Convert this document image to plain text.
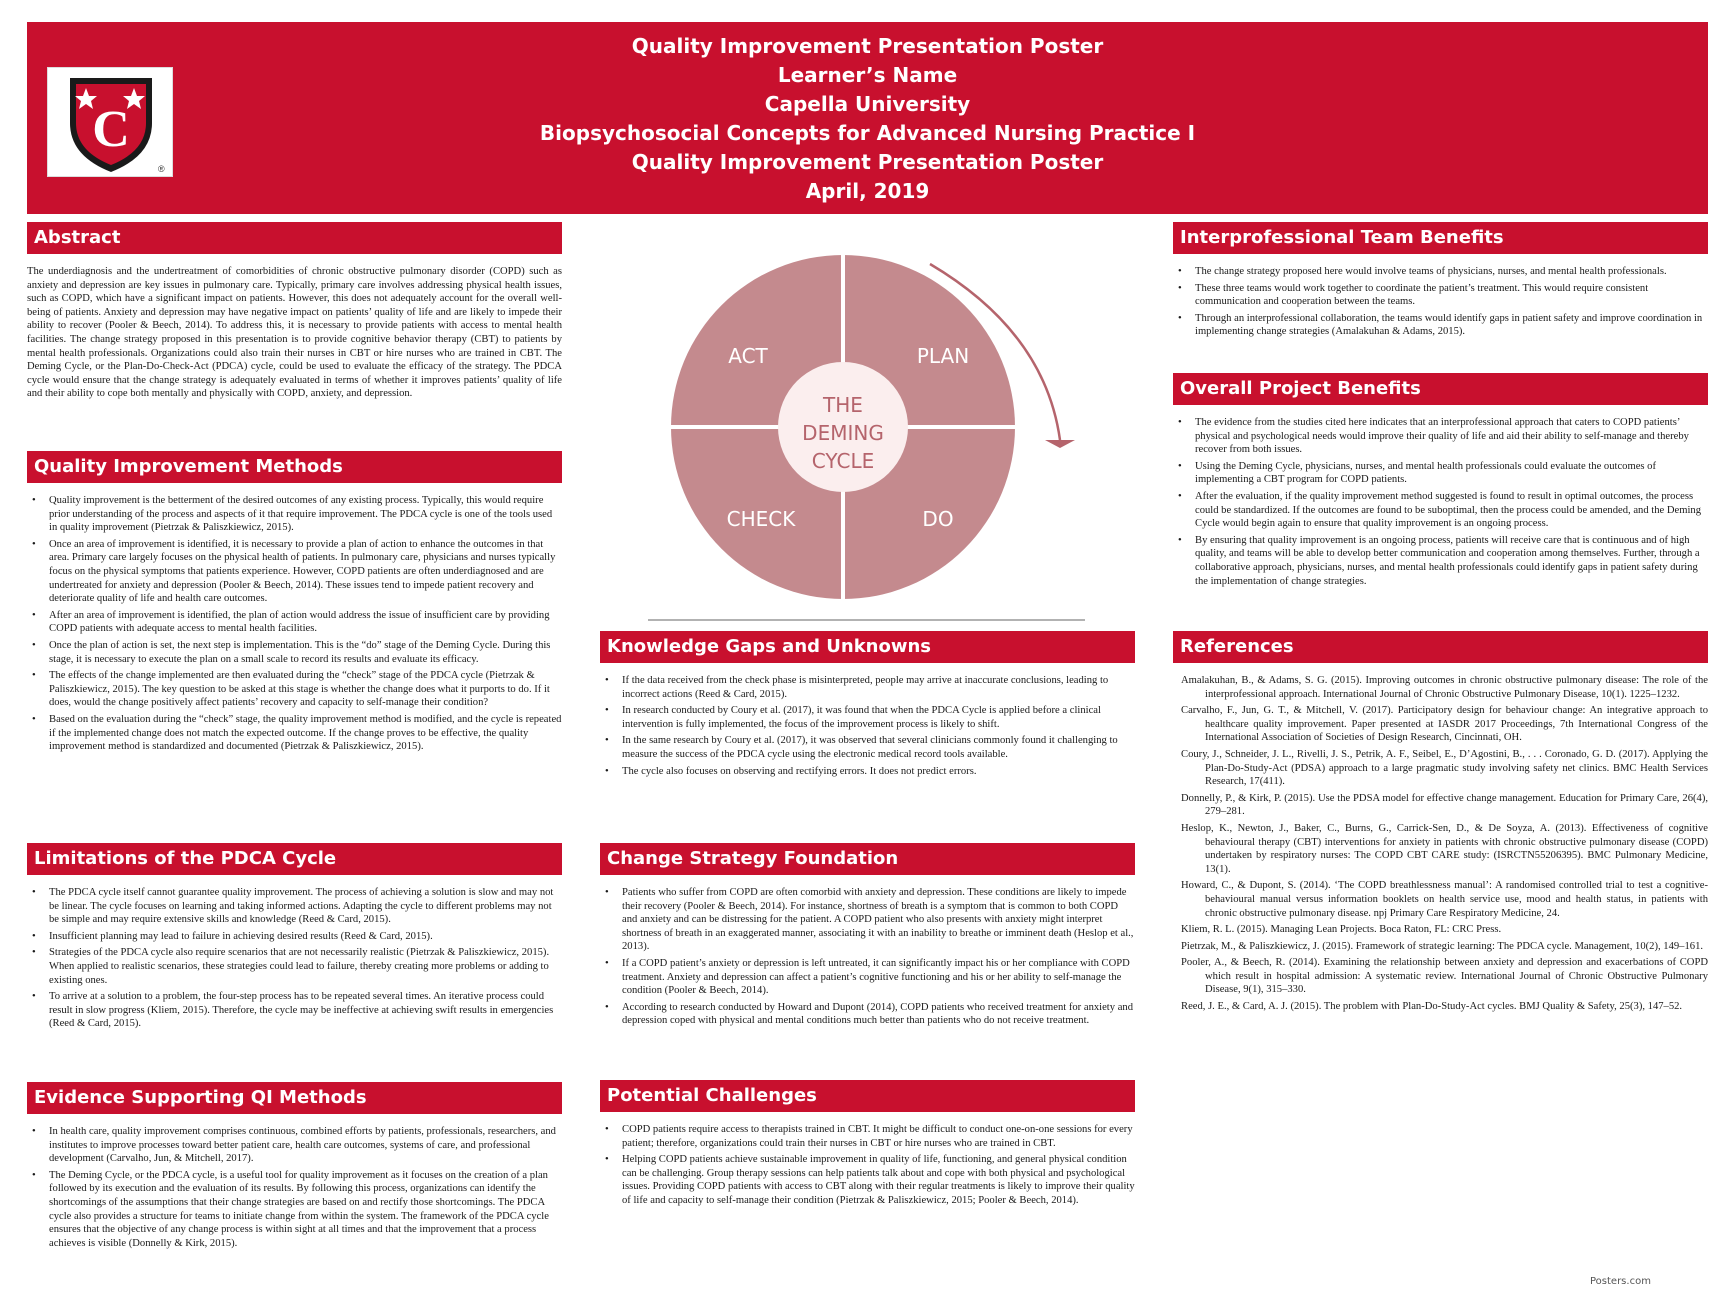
C
®
Quality Improvement Presentation Poster
Learner’s Name
Capella University
Biopsychosocial Concepts for Advanced Nursing Practice I
Quality Improvement Presentation Poster
April, 2019
Abstract

The underdiagnosis and the undertreatment of comorbidities of chronic obstructive pulmonary disorder (COPD) such as anxiety and depression are key issues in pulmonary care. Typically, primary care involves addressing physical health issues, such as COPD, which have a significant impact on patients. However, this does not adequately account for the overall well-being of patients. Anxiety and depression may have negative impact on patients’ quality of life and are likely to impede their ability to recover (Pooler & Beech, 2014). To address this, it is necessary to provide patients with access to mental health facilities. The change strategy proposed in this presentation is to provide cognitive behavior therapy (CBT) to patients by mental health professionals. Organizations could also train their nurses in CBT or hire nurses who are trained in CBT. The Deming Cycle, or the Plan-Do-Check-Act (PDCA) cycle, could be used to evaluate the efficacy of the strategy. The PDCA cycle would ensure that the change strategy is adequately evaluated in terms of whether it improves patients’ quality of life and their ability to cope both mentally and physically with COPD, anxiety, and depression.

Quality Improvement Methods
• Quality improvement is the betterment of the desired outcomes of any existing process. Typically, this would require prior understanding of the process and aspects of it that require improvement. The PDCA cycle is one of the tools used in quality improvement (Pietrzak & Paliszkiewicz, 2015).
• Once an area of improvement is identified, it is necessary to provide a plan of action to enhance the outcomes in that area. Primary care largely focuses on the physical health of patients. In pulmonary care, physicians and nurses typically focus on the physical symptoms that patients experience. However, COPD patients are often underdiagnosed and are undertreated for anxiety and depression (Pooler & Beech, 2014). These issues tend to impede patient recovery and deteriorate quality of life and health care outcomes.
• After an area of improvement is identified, the plan of action would address the issue of insufficient care by providing COPD patients with adequate access to mental health facilities.
• Once the plan of action is set, the next step is implementation. This is the “do” stage of the Deming Cycle. During this stage, it is necessary to execute the plan on a small scale to record its results and evaluate its efficacy.
• The effects of the change implemented are then evaluated during the “check” stage of the PDCA cycle (Pietrzak & Paliszkiewicz, 2015). The key question to be asked at this stage is whether the change does what it purports to do. If it does, would the change positively affect patients’ recovery and capacity to self-manage their condition?
• Based on the evaluation during the “check” stage, the quality improvement method is modified, and the cycle is repeated if the implemented change does not match the expected outcome. If the change proves to be effective, the quality improvement method is standardized and documented (Pietrzak & Paliszkiewicz, 2015).
Limitations of the PDCA Cycle
• The PDCA cycle itself cannot guarantee quality improvement. The process of achieving a solution is slow and may not be linear. The cycle focuses on learning and taking informed actions. Adapting the cycle to different problems may not be simple and may require extensive skills and knowledge (Reed & Card, 2015).
• Insufficient planning may lead to failure in achieving desired results (Reed & Card, 2015).
• Strategies of the PDCA cycle also require scenarios that are not necessarily realistic (Pietrzak & Paliszkiewicz, 2015). When applied to realistic scenarios, these strategies could lead to failure, thereby creating more problems or adding to existing ones.
• To arrive at a solution to a problem, the four-step process has to be repeated several times. An iterative process could result in slow progress (Kliem, 2015). Therefore, the cycle may be ineffective at achieving swift results in emergencies (Reed & Card, 2015).
Evidence Supporting QI Methods
• In health care, quality improvement comprises continuous, combined efforts by patients, professionals, researchers, and institutes to improve processes toward better patient care, health care outcomes, systems of care, and professional development (Carvalho, Jun, & Mitchell, 2017).
• The Deming Cycle, or the PDCA cycle, is a useful tool for quality improvement as it focuses on the creation of a plan followed by its execution and the evaluation of its results. By following this process, organizations can identify the shortcomings of the assumptions that their change strategies are based on and rectify those shortcomings. The PDCA cycle also provides a structure for teams to initiate change from within the system. The framework of the PDCA cycle ensures that the objective of any change process is within sight at all times and that the improvement that a process achieves is visible (Donnelly & Kirk, 2015).
ACT	PLAN
CHECK	DO
THE
DEMING
CYCLE
Knowledge Gaps and Unknowns
• If the data received from the check phase is misinterpreted, people may arrive at inaccurate conclusions, leading to incorrect actions (Reed & Card, 2015).
• In research conducted by Coury et al. (2017), it was found that when the PDCA Cycle is applied before a clinical intervention is fully implemented, the focus of the improvement process is likely to shift.
• In the same research by Coury et al. (2017), it was observed that several clinicians commonly found it challenging to measure the success of the PDCA cycle using the electronic medical record tools available.
• The cycle also focuses on observing and rectifying errors. It does not predict errors.
Change Strategy Foundation
• Patients who suffer from COPD are often comorbid with anxiety and depression. These conditions are likely to impede their recovery (Pooler & Beech, 2014). For instance, shortness of breath is a symptom that is common to both COPD and anxiety and can be distressing for the patient. A COPD patient who also presents with anxiety might interpret shortness of breath in an exaggerated manner, associating it with an inability to breathe or imminent death (Heslop et al., 2013).
• If a COPD patient’s anxiety or depression is left untreated, it can significantly impact his or her compliance with COPD treatment. Anxiety and depression can affect a patient’s cognitive functioning and his or her ability to self-manage the condition (Pooler & Beech, 2014).
• According to research conducted by Howard and Dupont (2014), COPD patients who received treatment for anxiety and depression coped with physical and mental conditions much better than patients who do not receive treatment.
Potential Challenges
• COPD patients require access to therapists trained in CBT. It might be difficult to conduct one-on-one sessions for every patient; therefore, organizations could train their nurses in CBT or hire nurses who are trained in CBT.
• Helping COPD patients achieve sustainable improvement in quality of life, functioning, and general physical condition can be challenging. Group therapy sessions can help patients talk about and cope with both physical and psychological issues. Providing COPD patients with access to CBT along with their regular treatments is likely to improve their quality of life and capacity to self-manage their condition (Pietrzak & Paliszkiewicz, 2015; Pooler & Beech, 2014).
Interprofessional Team Benefits
• The change strategy proposed here would involve teams of physicians, nurses, and mental health professionals.
• These three teams would work together to coordinate the patient’s treatment. This would require consistent communication and cooperation between the teams.
• Through an interprofessional collaboration, the teams would identify gaps in patient safety and improve coordination in implementing change strategies (Amalakuhan & Adams, 2015).
Overall Project Benefits
• The evidence from the studies cited here indicates that an interprofessional approach that caters to COPD patients’ physical and psychological needs would improve their quality of life and aid their ability to self-manage and thereby recover from both issues.
• Using the Deming Cycle, physicians, nurses, and mental health professionals could evaluate the outcomes of implementing a CBT program for COPD patients.
• After the evaluation, if the quality improvement method suggested is found to result in optimal outcomes, the process could be standardized. If the outcomes are found to be suboptimal, then the process could be amended, and the Deming Cycle would begin again to ensure that quality improvement is an ongoing process.
• By ensuring that quality improvement is an ongoing process, patients will receive care that is continuous and of high quality, and teams will be able to develop better communication and cooperation among themselves. Further, through a collaborative approach, physicians, nurses, and mental health professionals could identify gaps in patient safety during the implementation of change strategies.
References

Amalakuhan, B., & Adams, S. G. (2015). Improving outcomes in chronic obstructive pulmonary disease: The role of the interprofessional approach. International Journal of Chronic Obstructive Pulmonary Disease, 10(1). 1225–1232.

Carvalho, F., Jun, G. T., & Mitchell, V. (2017). Participatory design for behaviour change: An integrative approach to healthcare quality improvement. Paper presented at IASDR 2017 Proceedings, 7th International Congress of the International Association of Societies of Design Research, Cincinnati, OH.

Coury, J., Schneider, J. L., Rivelli, J. S., Petrik, A. F., Seibel, E., D’Agostini, B., . . . Coronado, G. D. (2017). Applying the Plan-Do-Study-Act (PDSA) approach to a large pragmatic study involving safety net clinics. BMC Health Services Research, 17(411).

Donnelly, P., & Kirk, P. (2015). Use the PDSA model for effective change management. Education for Primary Care, 26(4), 279–281.

Heslop, K., Newton, J., Baker, C., Burns, G., Carrick-Sen, D., & De Soyza, A. (2013). Effectiveness of cognitive behavioural therapy (CBT) interventions for anxiety in patients with chronic obstructive pulmonary disease (COPD) undertaken by respiratory nurses: The COPD CBT CARE study: (ISRCTN55206395). BMC Pulmonary Medicine, 13(1).

Howard, C., & Dupont, S. (2014). ‘The COPD breathlessness manual’: A randomised controlled trial to test a cognitive-behavioural manual versus information booklets on health service use, mood and health status, in patients with chronic obstructive pulmonary disease. npj Primary Care Respiratory Medicine, 24.

Kliem, R. L. (2015). Managing Lean Projects. Boca Raton, FL: CRC Press.

Pietrzak, M., & Paliszkiewicz, J. (2015). Framework of strategic learning: The PDCA cycle. Management, 10(2), 149–161.

Pooler, A., & Beech, R. (2014). Examining the relationship between anxiety and depression and exacerbations of COPD which result in hospital admission: A systematic review. International Journal of Chronic Obstructive Pulmonary Disease, 9(1), 315–330.

Reed, J. E., & Card, A. J. (2015). The problem with Plan-Do-Study-Act cycles. BMJ Quality & Safety, 25(3), 147–52.

Posters.com
